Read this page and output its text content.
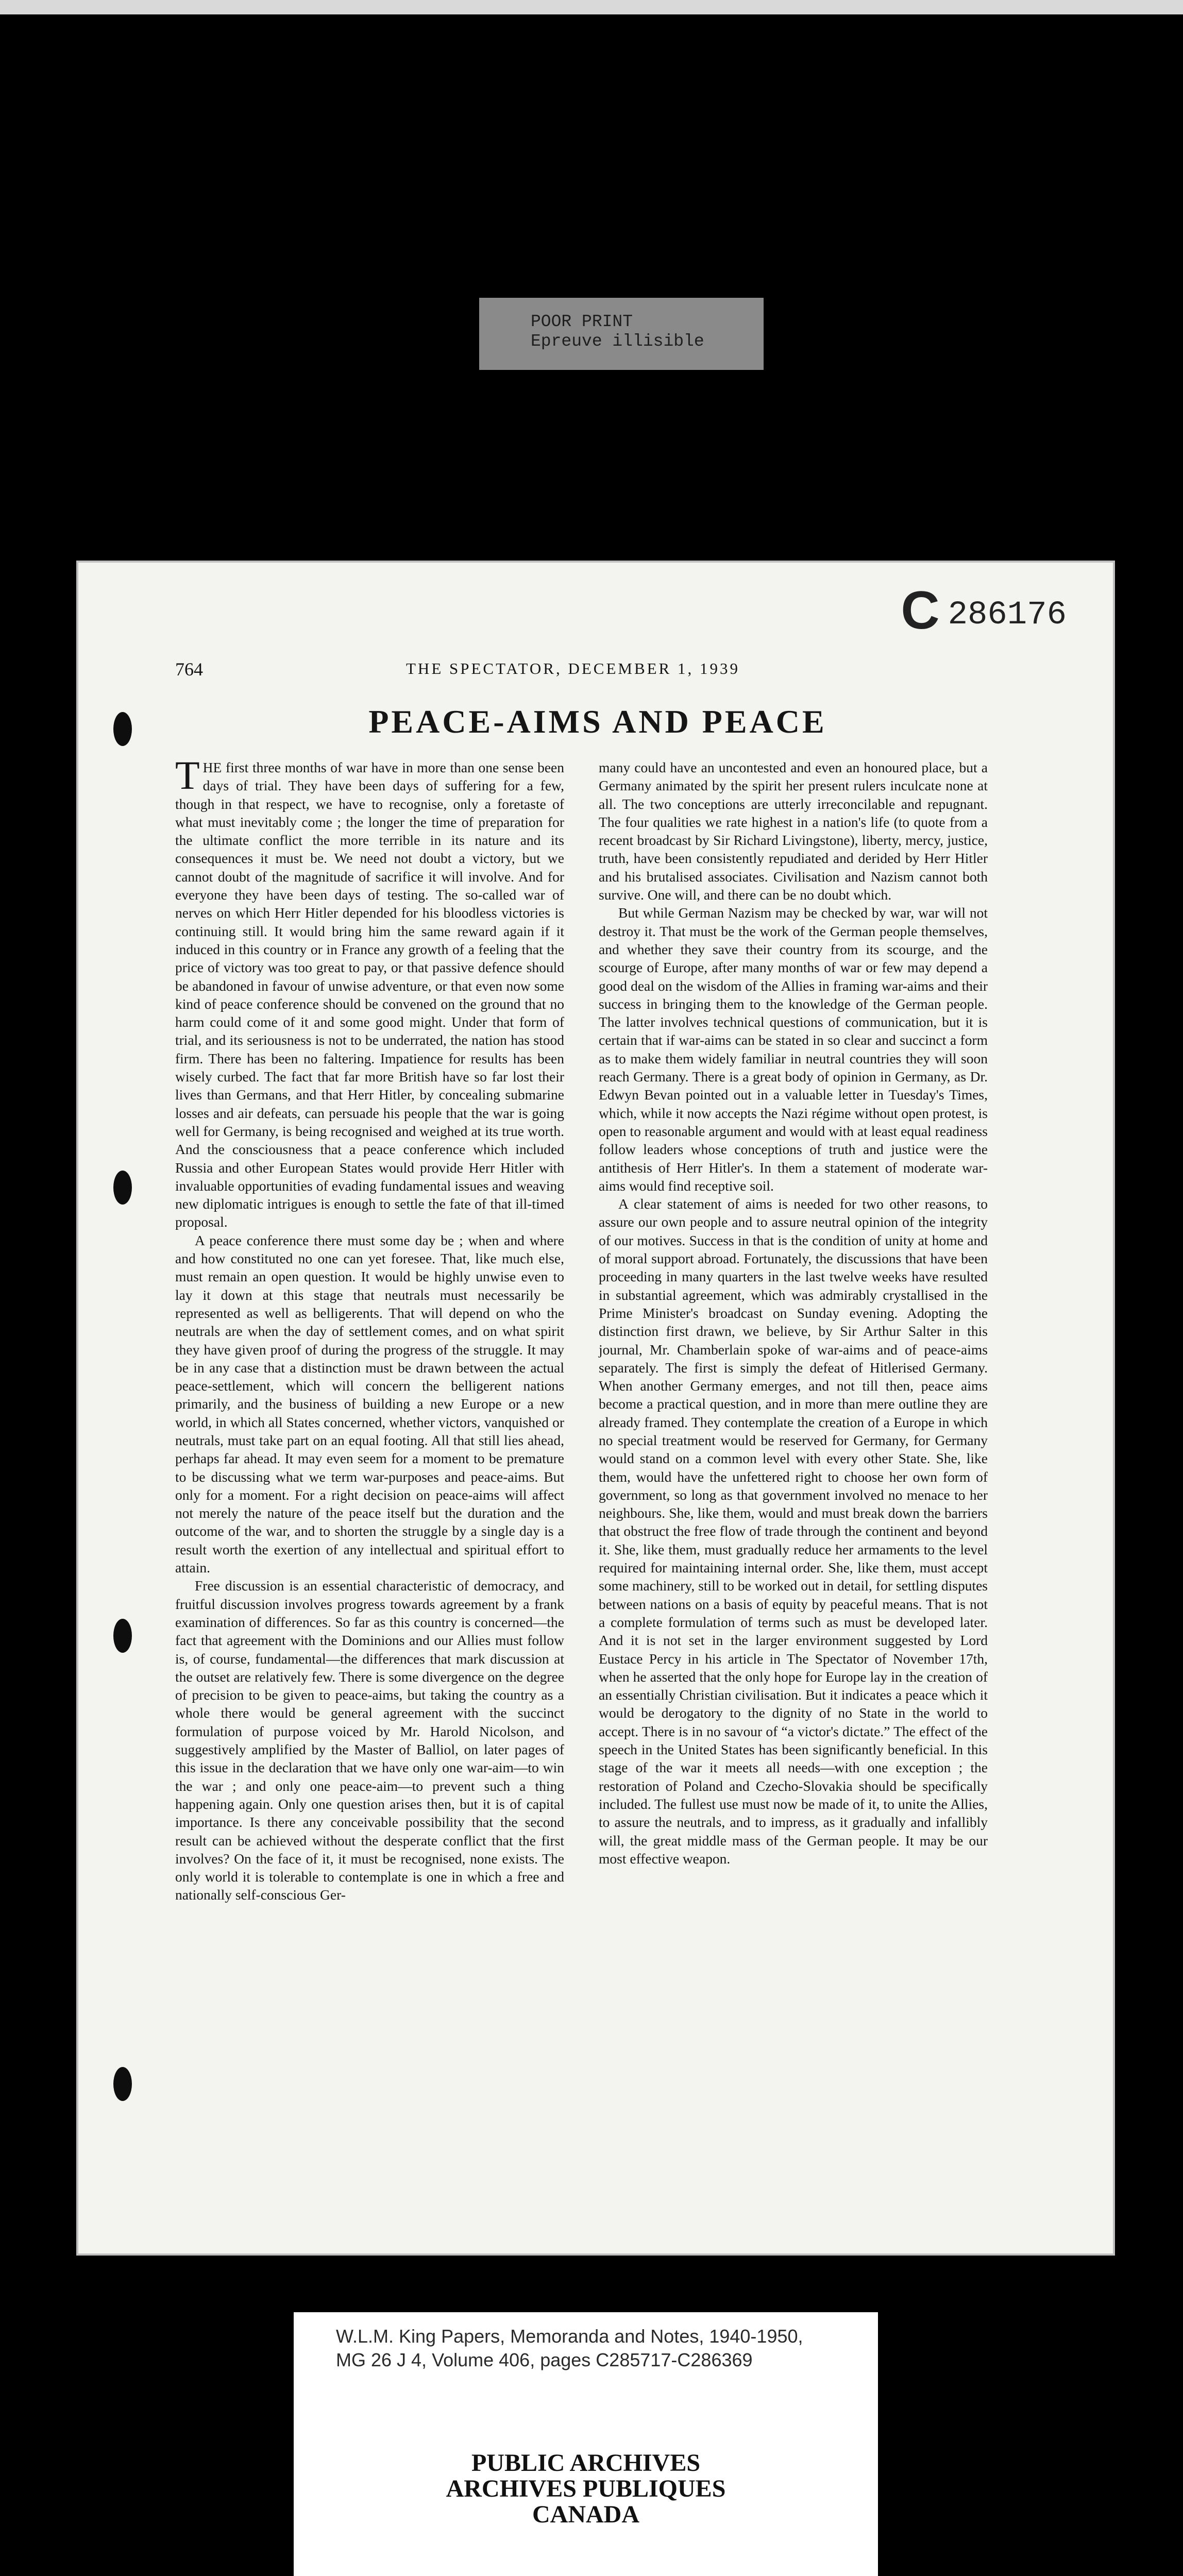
POOR PRINT
Epreuve illisible
C 286176
764	THE SPECTATOR, DECEMBER 1, 1939
PEACE-AIMS AND PEACE

THE first three months of war have in more than one sense been days of trial. They have been days of suffering for a few, though in that respect, we have to recognise, only a foretaste of what must inevitably come ; the longer the time of preparation for the ultimate conflict the more terrible in its nature and its consequences it must be. We need not doubt a victory, but we cannot doubt of the magnitude of sacrifice it will involve. And for everyone they have been days of testing. The so-called war of nerves on which Herr Hitler depended for his bloodless victories is continuing still. It would bring him the same reward again if it induced in this country or in France any growth of a feeling that the price of victory was too great to pay, or that passive defence should be abandoned in favour of unwise adventure, or that even now some kind of peace conference should be convened on the ground that no harm could come of it and some good might. Under that form of trial, and its seriousness is not to be underrated, the nation has stood firm. There has been no faltering. Impatience for results has been wisely curbed. The fact that far more British have so far lost their lives than Germans, and that Herr Hitler, by concealing submarine losses and air defeats, can persuade his people that the war is going well for Germany, is being recognised and weighed at its true worth. And the consciousness that a peace conference which included Russia and other European States would provide Herr Hitler with invaluable opportunities of evading fundamental issues and weaving new diplomatic intrigues is enough to settle the fate of that ill-timed proposal.

A peace conference there must some day be ; when and where and how constituted no one can yet foresee. That, like much else, must remain an open question. It would be highly unwise even to lay it down at this stage that neutrals must necessarily be represented as well as belligerents. That will depend on who the neutrals are when the day of settlement comes, and on what spirit they have given proof of during the progress of the struggle. It may be in any case that a distinction must be drawn between the actual peace-settlement, which will concern the belligerent nations primarily, and the business of building a new Europe or a new world, in which all States concerned, whether victors, vanquished or neutrals, must take part on an equal footing. All that still lies ahead, perhaps far ahead. It may even seem for a moment to be premature to be discussing what we term war-purposes and peace-aims. But only for a moment. For a right decision on peace-aims will affect not merely the nature of the peace itself but the duration and the outcome of the war, and to shorten the struggle by a single day is a result worth the exertion of any intellectual and spiritual effort to attain.

Free discussion is an essential characteristic of democracy, and fruitful discussion involves progress towards agreement by a frank examination of differences. So far as this country is concerned—the fact that agreement with the Dominions and our Allies must follow is, of course, fundamental—the differences that mark discussion at the outset are relatively few. There is some divergence on the degree of precision to be given to peace-aims, but taking the country as a whole there would be general agreement with the succinct formulation of purpose voiced by Mr. Harold Nicolson, and suggestively amplified by the Master of Balliol, on later pages of this issue in the declaration that we have only one war-aim—to win the war ; and only one peace-aim—to prevent such a thing happening again. Only one question arises then, but it is of capital importance. Is there any conceivable possibility that the second result can be achieved without the desperate conflict that the first involves? On the face of it, it must be recognised, none exists. The only world it is tolerable to contemplate is one in which a free and nationally self-conscious Ger-

many could have an uncontested and even an honoured place, but a Germany animated by the spirit her present rulers inculcate none at all. The two conceptions are utterly irreconcilable and repugnant. The four qualities we rate highest in a nation's life (to quote from a recent broadcast by Sir Richard Livingstone), liberty, mercy, justice, truth, have been consistently repudiated and derided by Herr Hitler and his brutalised associates. Civilisation and Nazism cannot both survive. One will, and there can be no doubt which.

But while German Nazism may be checked by war, war will not destroy it. That must be the work of the German people themselves, and whether they save their country from its scourge, and the scourge of Europe, after many months of war or few may depend a good deal on the wisdom of the Allies in framing war-aims and their success in bringing them to the knowledge of the German people. The latter involves technical questions of communication, but it is certain that if war-aims can be stated in so clear and succinct a form as to make them widely familiar in neutral countries they will soon reach Germany. There is a great body of opinion in Germany, as Dr. Edwyn Bevan pointed out in a valuable letter in Tuesday's Times, which, while it now accepts the Nazi régime without open protest, is open to reasonable argument and would with at least equal readiness follow leaders whose conceptions of truth and justice were the antithesis of Herr Hitler's. In them a statement of moderate war-aims would find receptive soil.

A clear statement of aims is needed for two other reasons, to assure our own people and to assure neutral opinion of the integrity of our motives. Success in that is the condition of unity at home and of moral support abroad. Fortunately, the discussions that have been proceeding in many quarters in the last twelve weeks have resulted in substantial agreement, which was admirably crystallised in the Prime Minister's broadcast on Sunday evening. Adopting the distinction first drawn, we believe, by Sir Arthur Salter in this journal, Mr. Chamberlain spoke of war-aims and of peace-aims separately. The first is simply the defeat of Hitlerised Germany. When another Germany emerges, and not till then, peace aims become a practical question, and in more than mere outline they are already framed. They contemplate the creation of a Europe in which no special treatment would be reserved for Germany, for Germany would stand on a common level with every other State. She, like them, would have the unfettered right to choose her own form of government, so long as that government involved no menace to her neighbours. She, like them, would and must break down the barriers that obstruct the free flow of trade through the continent and beyond it. She, like them, must gradually reduce her armaments to the level required for maintaining internal order. She, like them, must accept some machinery, still to be worked out in detail, for settling disputes between nations on a basis of equity by peaceful means. That is not a complete formulation of terms such as must be developed later. And it is not set in the larger environment suggested by Lord Eustace Percy in his article in The Spectator of November 17th, when he asserted that the only hope for Europe lay in the creation of an essentially Christian civilisation. But it indicates a peace which it would be derogatory to the dignity of no State in the world to accept. There is in no savour of “a victor's dictate.” The effect of the speech in the United States has been significantly beneficial. In this stage of the war it meets all needs—with one exception ; the restoration of Poland and Czecho-Slovakia should be specifically included. The fullest use must now be made of it, to unite the Allies, to assure the neutrals, and to impress, as it gradually and infallibly will, the great middle mass of the German people. It may be our most effective weapon.

W.L.M. King Papers, Memoranda and Notes, 1940-1950,
MG 26 J 4, Volume 406, pages C285717-C286369
PUBLIC ARCHIVES
ARCHIVES PUBLIQUES
CANADA
